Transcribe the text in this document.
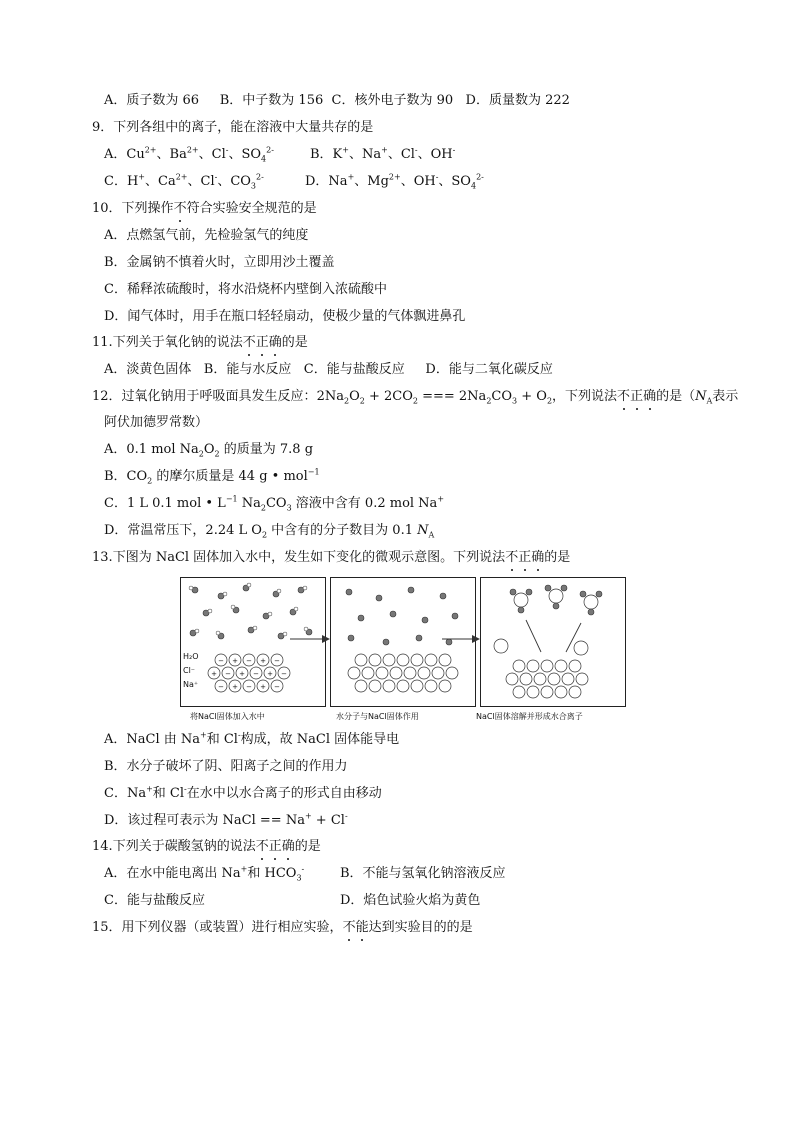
A．质子数为 66 B．中子数为 156 C．核外电子数为 90 D．质量数为 222
9．下列各组中的离子，能在溶液中大量共存的是
A．$Cu^{2+}$、$Ba^{2+}$、Cl-、$SO_4^{2-}$	B．K+、Na+、Cl-、OH-
C．H+、$Ca^{2+}$、Cl-、$CO_3^{2-}$	D．Na+、$Mg^{2+}$、OH-、$SO_4^{2-}$
10．下列操作不符合实验安全规范的是
A．点燃氢气前，先检验氢气的纯度
B．金属钠不慎着火时，立即用沙土覆盖
C．稀释浓硫酸时，将水沿烧杯内壁倒入浓硫酸中
D．闻气体时，用手在瓶口轻轻扇动，使极少量的气体飘进鼻孔
11.下列关于氧化钠的说法不正确的是
A．淡黄色固体 B．能与水反应 C．能与盐酸反应 D．能与二氧化碳反应
12．过氧化钠用于呼吸面具发生反应：$2Na_2O_2 + 2CO_2$ === $2Na_2CO_3 + O_2$，下列说法不正确的是（$N_A$表示
阿伏加德罗常数）
A．0.1 mol $Na_2O_2$ 的质量为 7.8 g
B．$CO_2$ 的摩尔质量是 44 g • mol$^{-1}$
C．1 L 0.1 mol • $L^{-1}$ $Na_2CO_3$ 溶液中含有 0.2 mol Na+
D．常温常压下，2.24 L $O_2$ 中含有的分子数目为 0.1 $N_A$
13.下图为 NaCl 固体加入水中，发生如下变化的微观示意图。下列说法不正确的是
− + − + −
+ − + − + −
− + − + −
H₂O
Cl⁻
Na⁺
将NaCl固体加入水中	水分子与NaCl固体作用	NaCl固体溶解并形成水合离子
A．NaCl 由 Na+和 Cl-构成，故 NaCl 固体能导电
B．水分子破坏了阴、阳离子之间的作用力
C．Na+和 Cl-在水中以水合离子的形式自由移动
D．该过程可表示为 NaCl == Na+ + Cl-
14.下列关于碳酸氢钠的说法不正确的是
A．在水中能电离出 Na+和 $HCO_3^-$	B．不能与氢氧化钠溶液反应
C．能与盐酸反应	D．焰色试验火焰为黄色
15．用下列仪器（或装置）进行相应实验，不能达到实验目的的是
